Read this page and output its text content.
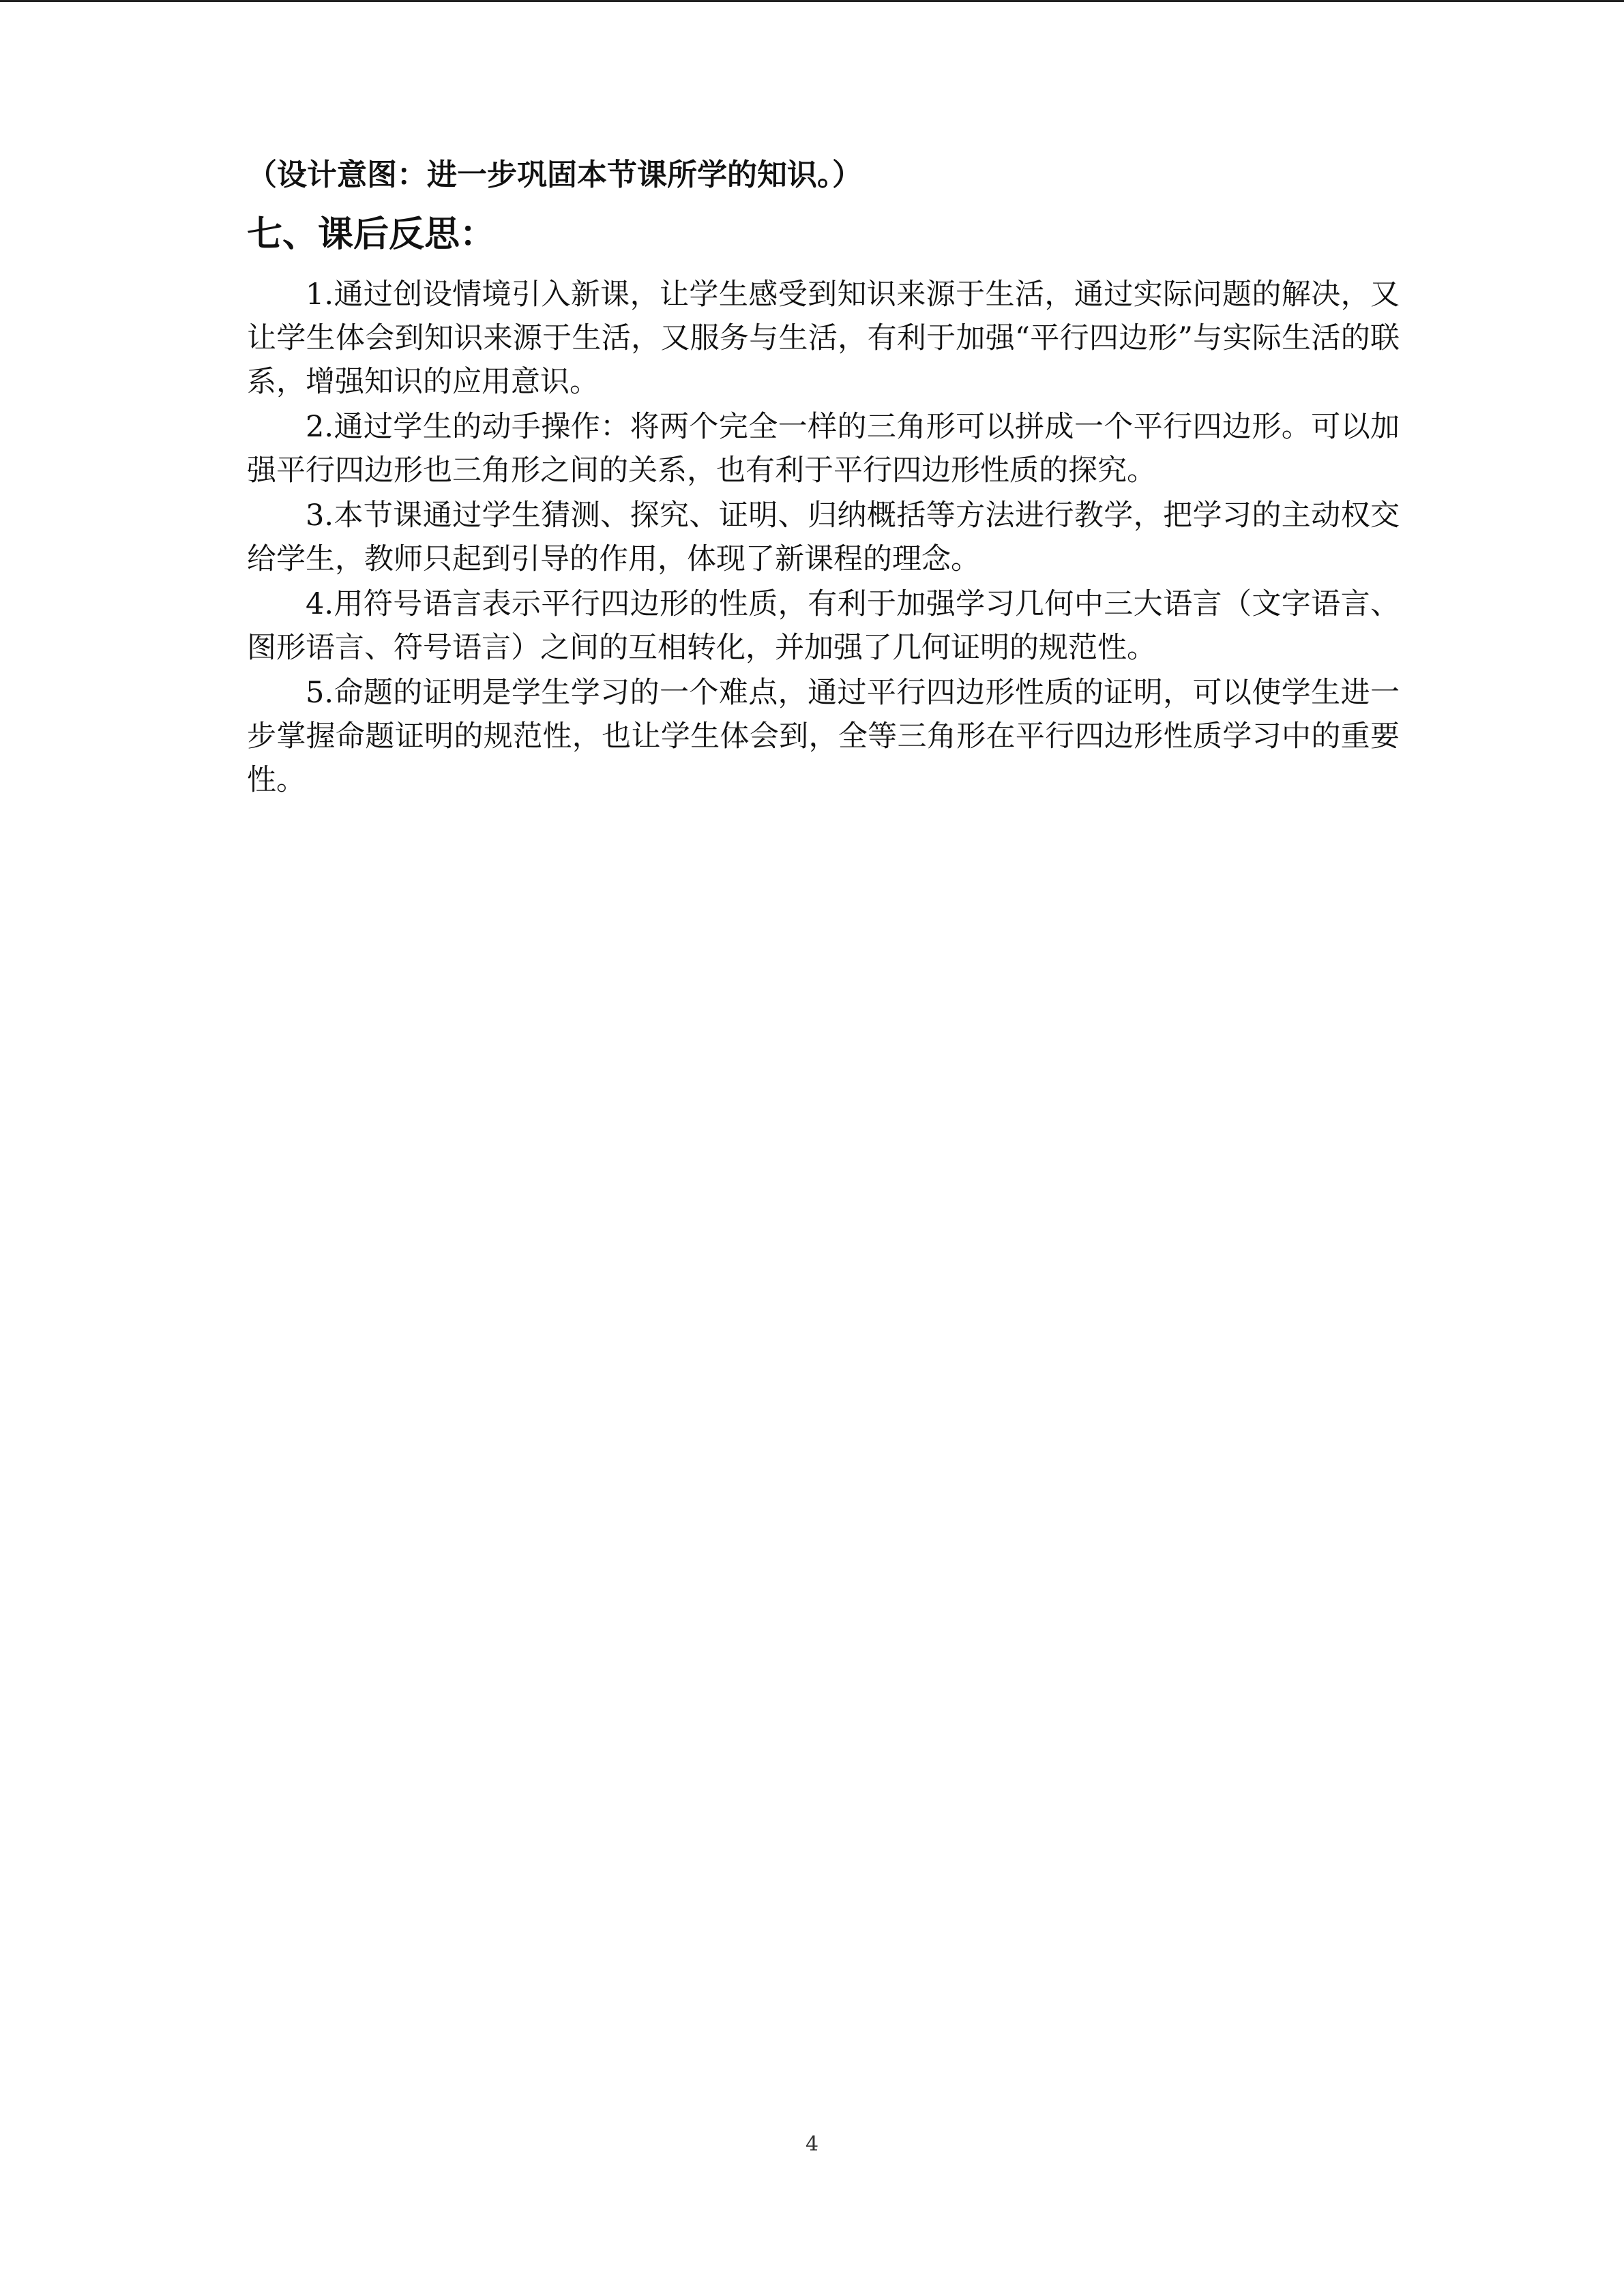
（设计意图：进一步巩固本节课所学的知识。）

七、课后反思：

1.通过创设情境引入新课，让学生感受到知识来源于生活，通过实际问题的解决，又让学生体会到知识来源于生活，又服务与生活，有利于加强“平行四边形”与实际生活的联系，增强知识的应用意识。

2.通过学生的动手操作：将两个完全一样的三角形可以拼成一个平行四边形。可以加强平行四边形也三角形之间的关系，也有利于平行四边形性质的探究。

3.本节课通过学生猜测、探究、证明、归纳概括等方法进行教学，把学习的主动权交给学生，教师只起到引导的作用，体现了新课程的理念。

4.用符号语言表示平行四边形的性质，有利于加强学习几何中三大语言（文字语言、图形语言、符号语言）之间的互相转化，并加强了几何证明的规范性。

5.命题的证明是学生学习的一个难点，通过平行四边形性质的证明，可以使学生进一步掌握命题证明的规范性，也让学生体会到，全等三角形在平行四边形性质学习中的重要性。

4
